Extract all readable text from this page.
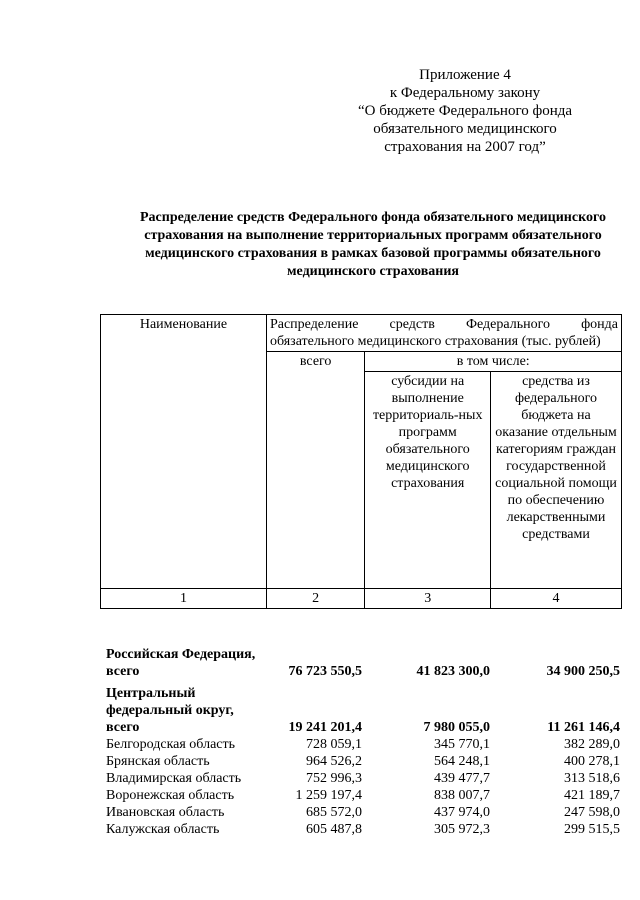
Приложение 4
к Федеральному закону
“О бюджете Федерального фонда
обязательного медицинского
страхования на 2007 год”
Распределение средств Федерального фонда обязательного медицинского
страхования на выполнение территориальных программ обязательного
медицинского страхования в рамках базовой программы обязательного
медицинского страхования
Наименование	Распределение средств Федерального фонда обязательного медицинского страхования (тыс. рублей)		
	всего	в том числе:	
		субсидии на выполнение территориаль-ных программ обязательного медицинского страхования	средства из федерального бюджета на оказание отдельным категориям граждан государственной социальной помощи по обеспечению лекарственными средствами
1	2	3	4
Российская Федерация, всего	76 723 550,5	41 823 300,0	34 900 250,5
Центральный федеральный округ, всего	19 241 201,4	7 980 055,0	11 261 146,4
Белгородская область	728 059,1	345 770,1	382 289,0
Брянская область	964 526,2	564 248,1	400 278,1
Владимирская область	752 996,3	439 477,7	313 518,6
Воронежская область	1 259 197,4	838 007,7	421 189,7
Ивановская область	685 572,0	437 974,0	247 598,0
Калужская область	605 487,8	305 972,3	299 515,5
